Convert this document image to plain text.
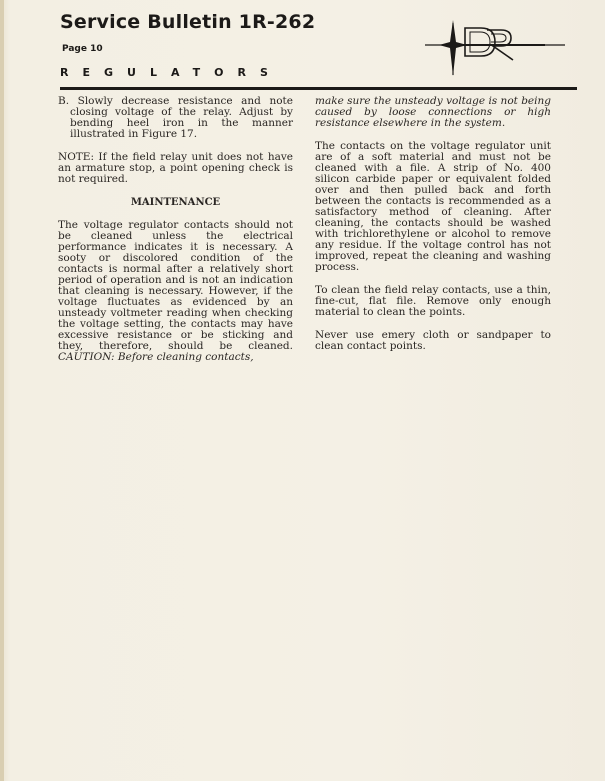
Service Bulletin 1R-262
Page 10
REGULATORS

B. Slowly decrease resistance and note closing voltage of the relay. Adjust by bending heel iron in the manner illustrated in Figure 17.

NOTE: If the field relay unit does not have an armature stop, a point opening check is not required.

MAINTENANCE

The voltage regulator contacts should not be cleaned unless the electrical performance indicates it is necessary. A sooty or discolored condition of the contacts is normal after a relatively short period of operation and is not an indication that cleaning is necessary. However, if the voltage fluctuates as evidenced by an unsteady voltmeter reading when checking the voltage setting, the contacts may have excessive resistance or be sticking and they, therefore, should be cleaned. CAUTION: Before cleaning contacts,

make sure the unsteady voltage is not being caused by loose connections or high resistance elsewhere in the system.

The contacts on the voltage regulator unit are of a soft material and must not be cleaned with a file. A strip of No. 400 silicon carbide paper or equivalent folded over and then pulled back and forth between the contacts is recommended as a satisfactory method of cleaning. After cleaning, the contacts should be washed with trichlorethylene or alcohol to remove any residue. If the voltage control has not improved, repeat the cleaning and washing process.

To clean the field relay contacts, use a thin, fine-cut, flat file. Remove only enough material to clean the points.

Never use emery cloth or sandpaper to clean contact points.
